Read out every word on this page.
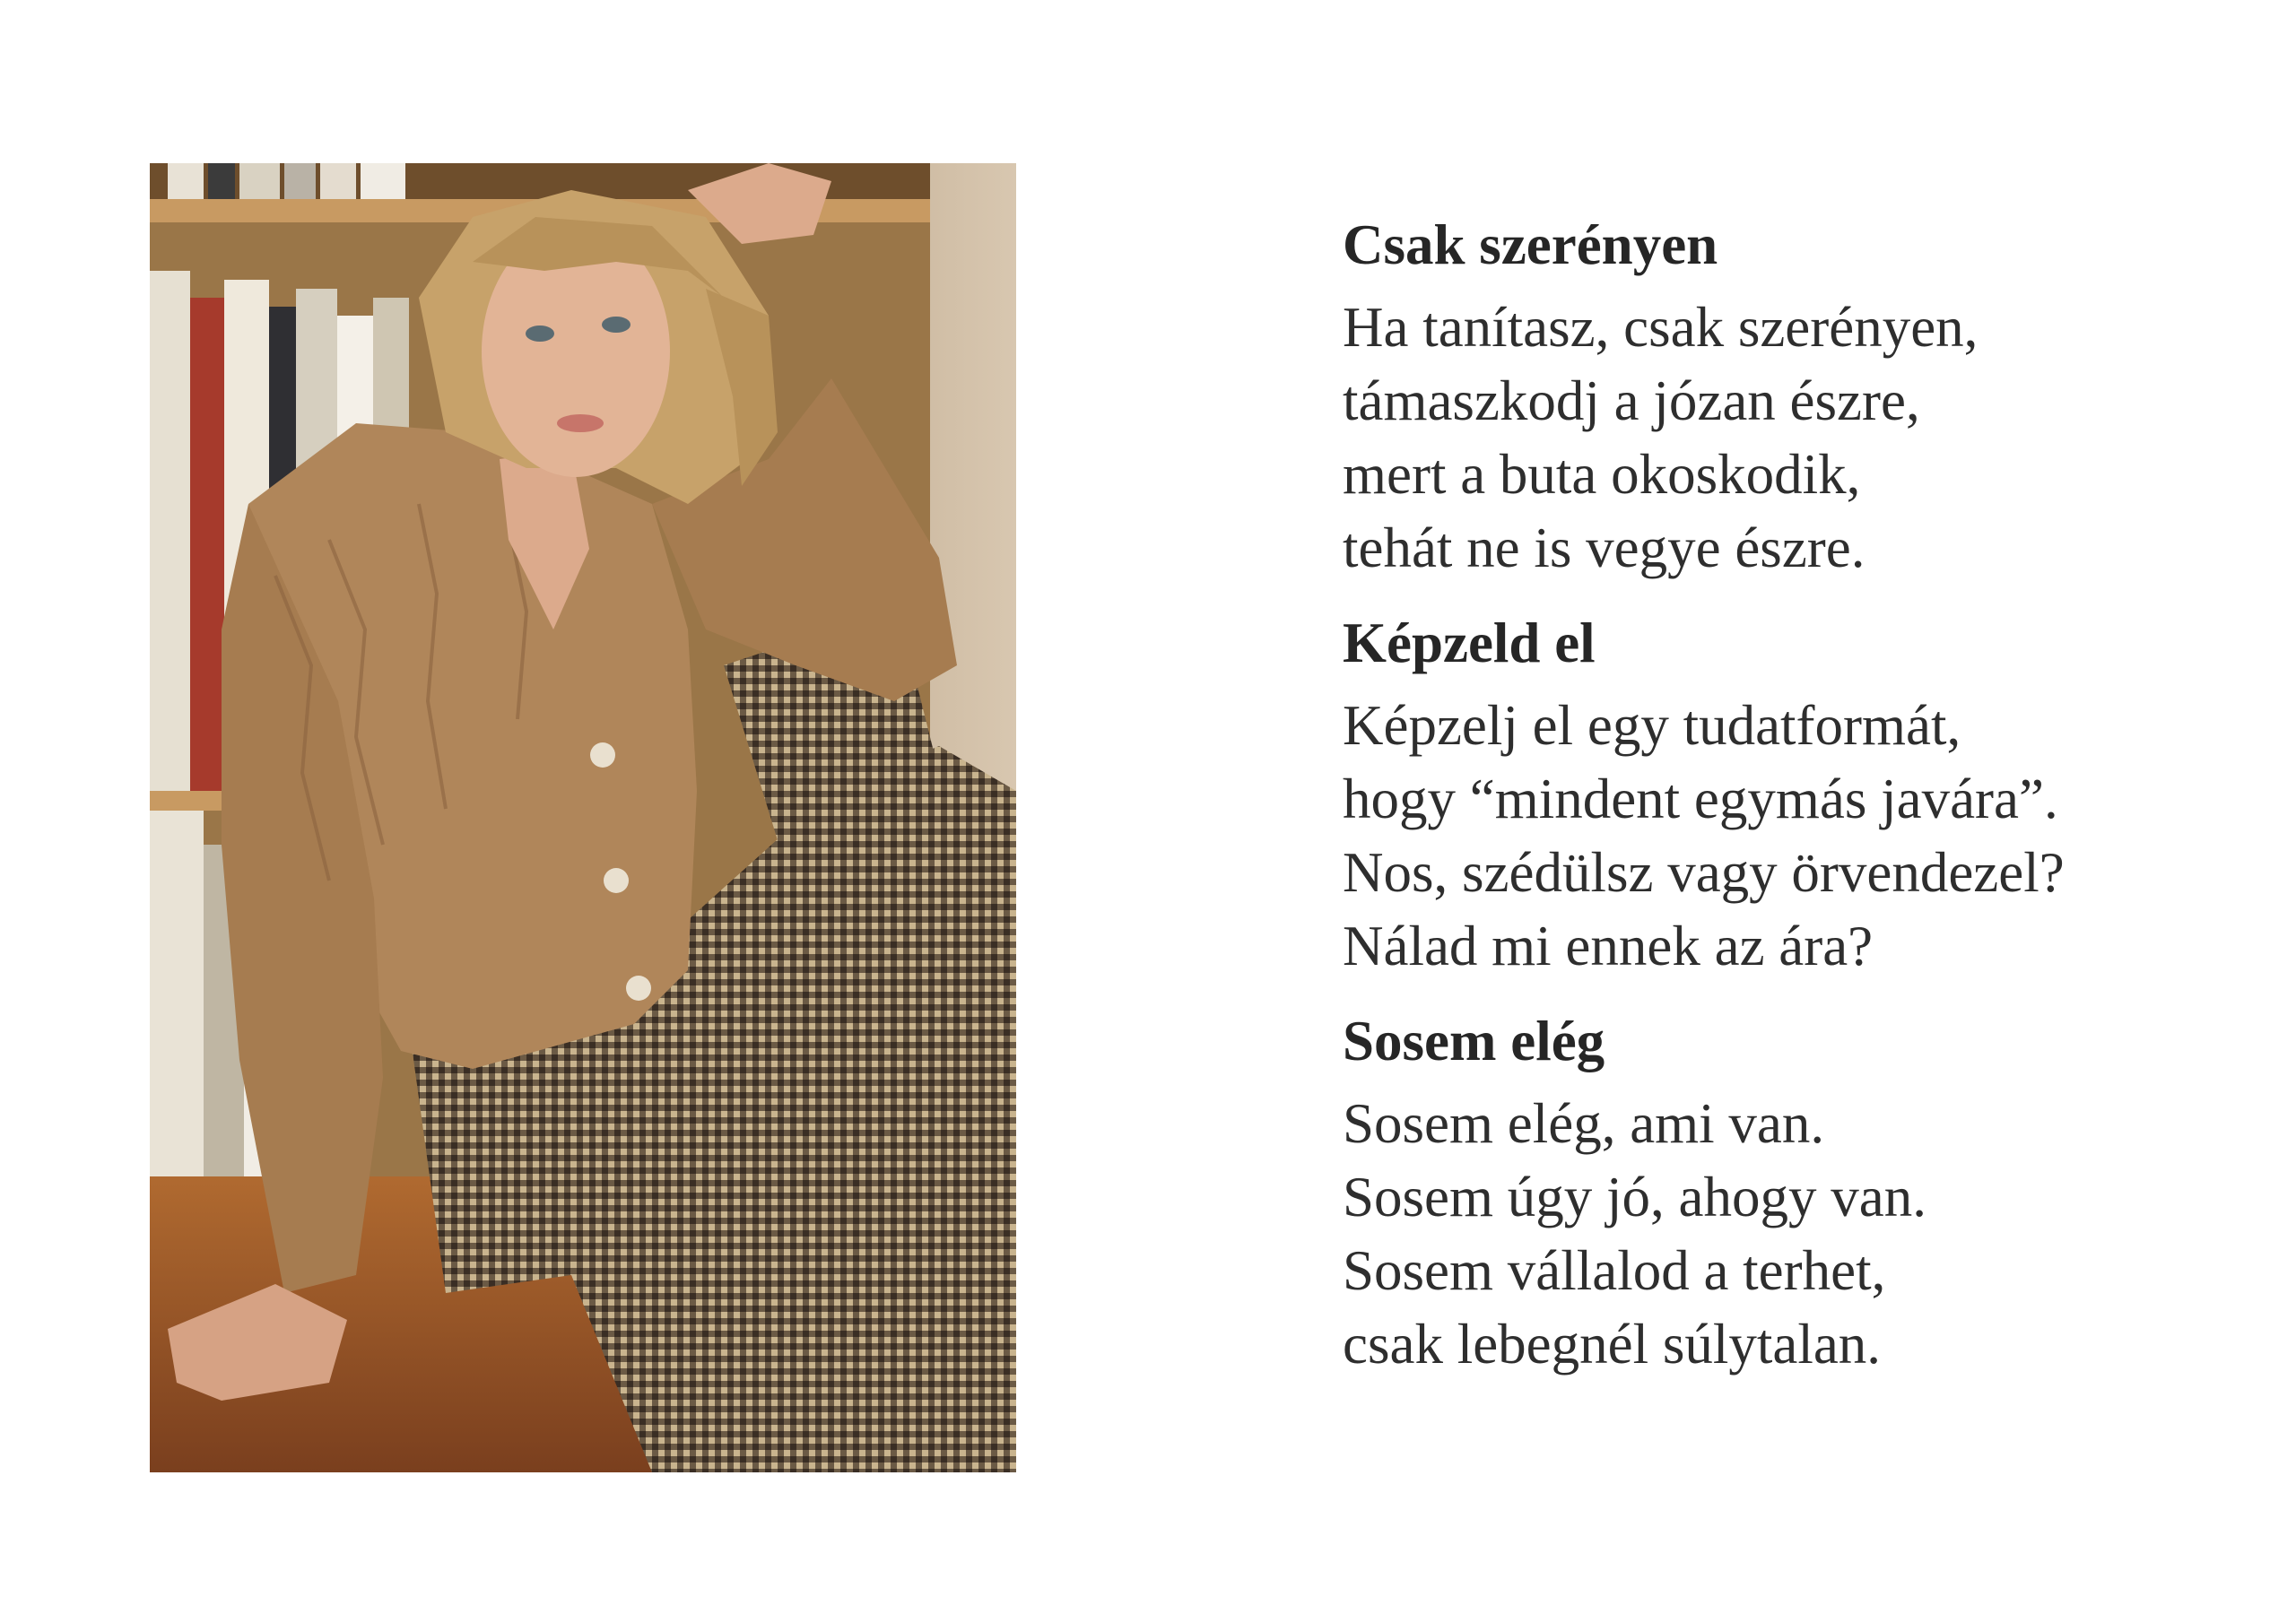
Csak szerényen
Ha tanítasz, csak szerényen,
támaszkodj a józan észre,
mert a buta okoskodik,
tehát ne is vegye észre.
Képzeld el
Képzelj el egy tudatformát,
hogy “mindent egymás javára”.
Nos, szédülsz vagy örvendezel?
Nálad mi ennek az ára?
Sosem elég
Sosem elég, ami van.
Sosem úgy jó, ahogy van.
Sosem vállalod a terhet,
csak lebegnél súlytalan.
